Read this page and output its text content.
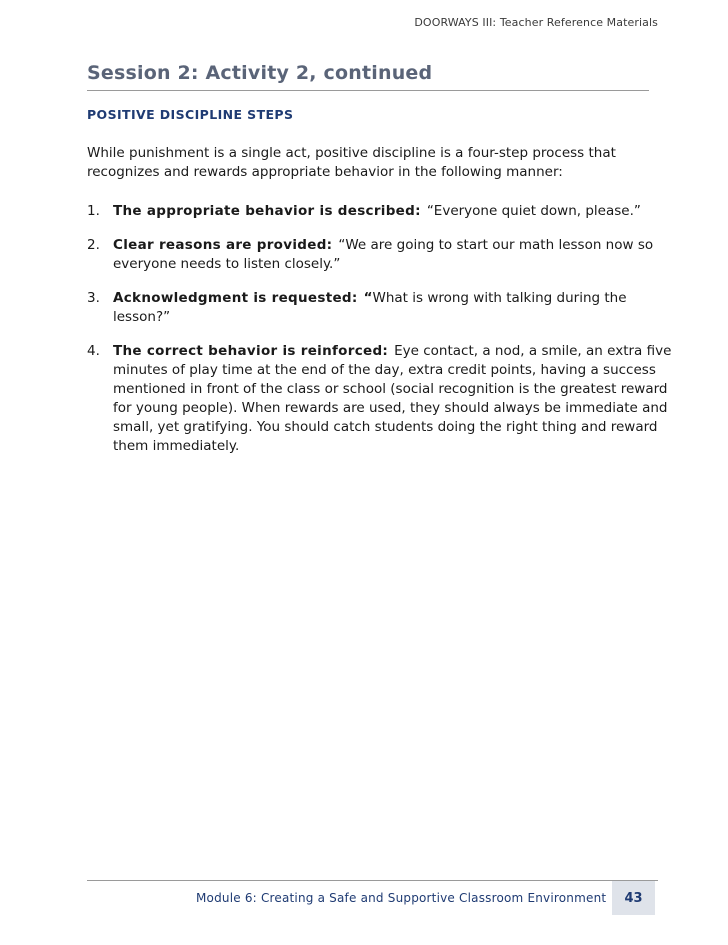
DOORWAYS III: Teacher Reference Materials
Session 2: Activity 2, continued
POSITIVE DISCIPLINE STEPS
While punishment is a single act, positive discipline is a four-step process that
recognizes and rewards appropriate behavior in the following manner:
1. The appropriate behavior is described: “Everyone quiet down, please.”
2. Clear reasons are provided: “We are going to start our math lesson now so everyone needs to listen closely.”
3. Acknowledgment is requested: “What is wrong with talking during the lesson?”
4. The correct behavior is reinforced: Eye contact, a nod, a smile, an extra five minutes of play time at the end of the day, extra credit points, having a success mentioned in front of the class or school (social recognition is the greatest reward for young people). When rewards are used, they should always be immediate and small, yet gratifying. You should catch students doing the right thing and reward them immediately.
Module 6: Creating a Safe and Supportive Classroom Environment 43
